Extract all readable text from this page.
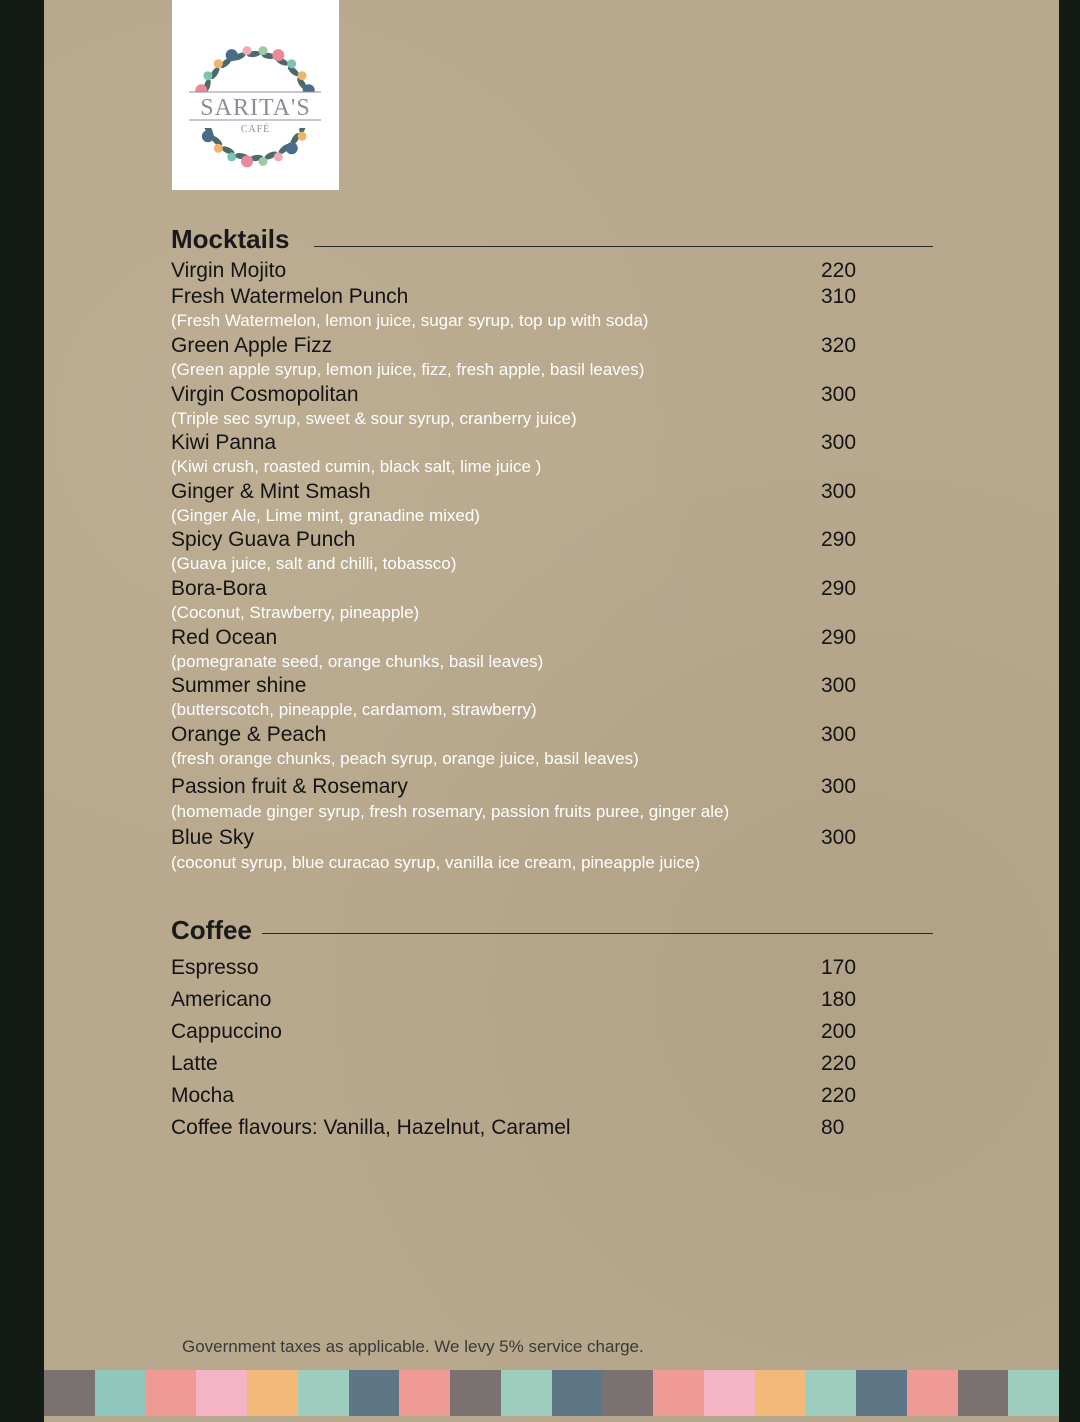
SARITA'S
CAFÉ
Mocktails
Virgin Mojito	220
Fresh Watermelon Punch	310
(Fresh Watermelon, lemon juice, sugar syrup, top up with soda)
Green Apple Fizz	320
(Green apple syrup, lemon juice, fizz, fresh apple, basil leaves)
Virgin Cosmopolitan	300
(Triple sec syrup, sweet & sour syrup, cranberry juice)
Kiwi Panna	300
(Kiwi crush, roasted cumin, black salt, lime juice )
Ginger & Mint Smash	300
(Ginger Ale, Lime mint, granadine mixed)
Spicy Guava Punch	290
(Guava juice, salt and chilli, tobassco)
Bora-Bora	290
(Coconut, Strawberry, pineapple)
Red Ocean	290
(pomegranate seed, orange chunks, basil leaves)
Summer shine	300
(butterscotch, pineapple, cardamom, strawberry)
Orange & Peach	300
(fresh orange chunks, peach syrup, orange juice, basil leaves)
Passion fruit & Rosemary	300
(homemade ginger syrup, fresh rosemary, passion fruits puree, ginger ale)
Blue Sky	300
(coconut syrup, blue curacao syrup, vanilla ice cream, pineapple juice)
Coffee
Espresso	170
Americano	180
Cappuccino	200
Latte	220
Mocha	220
Coffee flavours: Vanilla, Hazelnut, Caramel	80
Government taxes as applicable. We levy 5% service charge.
